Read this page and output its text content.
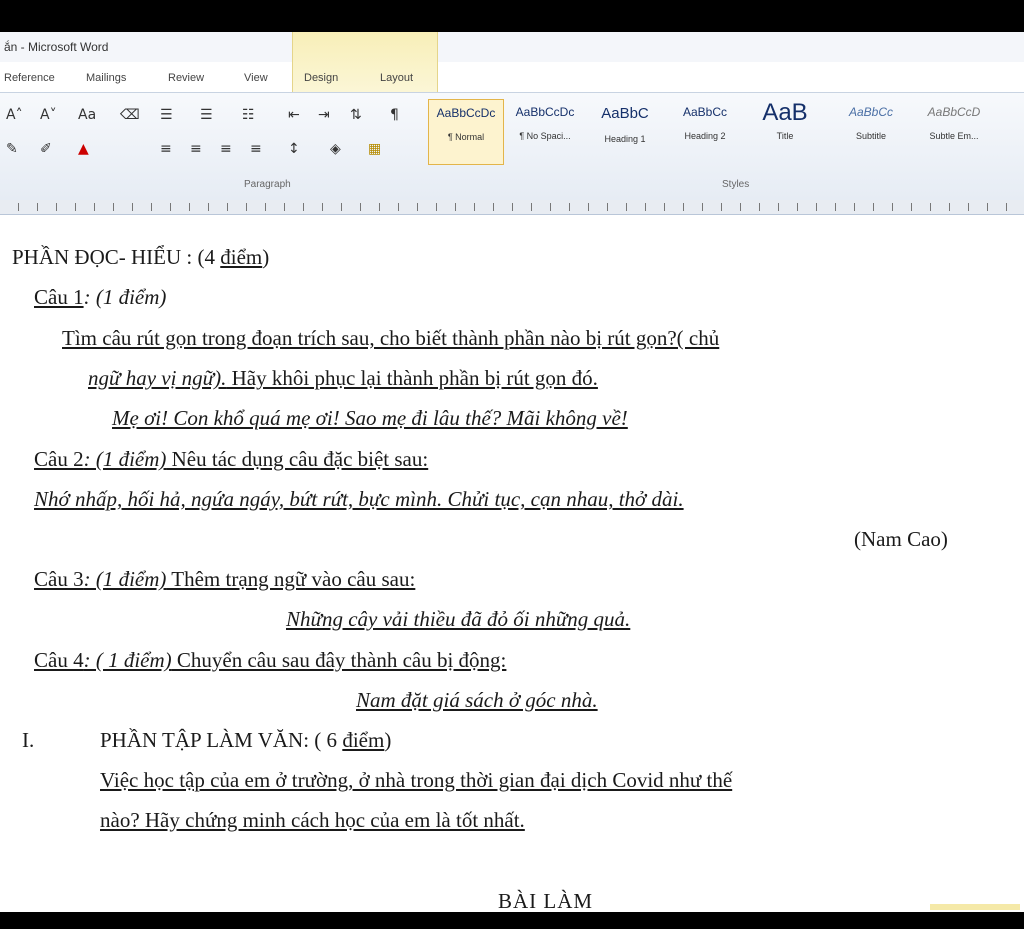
ắn - Microsoft Word
Reference	Mailings	Review	View	Design	Layout
A˄ A˅ Aa ⌫ ☰ ☰ ☷ ⇤ ⇥ ⇅ ¶
✎ ✐ ▲	≡ ≡ ≡ ≡ ↕ ◈ ▦
Paragraph	Styles
AaBbCcDc
¶ Normal
AaBbCcDc
¶ No Spaci...
AaBbC
Heading 1
AaBbCc
Heading 2
AaB
Title
AaBbCc
Subtitle
AaBbCcD
Subtle Em...
PHẦN ĐỌC- HIỂU : (4 điểm)
Câu 1: (1 điểm)
Tìm câu rút gọn trong đoạn trích sau, cho biết thành phần nào bị rút gọn?( chủ
ngữ hay vị ngữ). Hãy khôi phục lại thành phần bị rút gọn đó.
Mẹ ơi! Con khổ quá mẹ ơi! Sao mẹ đi lâu thế? Mãi không về!
Câu 2: (1 điểm) Nêu tác dụng câu đặc biệt sau:
Nhớ nhấp, hối hả, ngứa ngáy, bứt rứt, bực mình. Chửi tục, cạn nhau, thở dài.
(Nam Cao)
Câu 3: (1 điểm) Thêm trạng ngữ vào câu sau:
Những cây vải thiều đã đỏ ối những quả.
Câu 4: ( 1 điểm) Chuyển câu sau đây thành câu bị động:
Nam đặt giá sách ở góc nhà.
I.	PHẦN TẬP LÀM VĂN: ( 6 điểm)
Việc học tập của em ở trường, ở nhà trong thời gian đại dịch Covid như thế
nào? Hãy chứng minh cách học của em là tốt nhất.
BÀI LÀM
